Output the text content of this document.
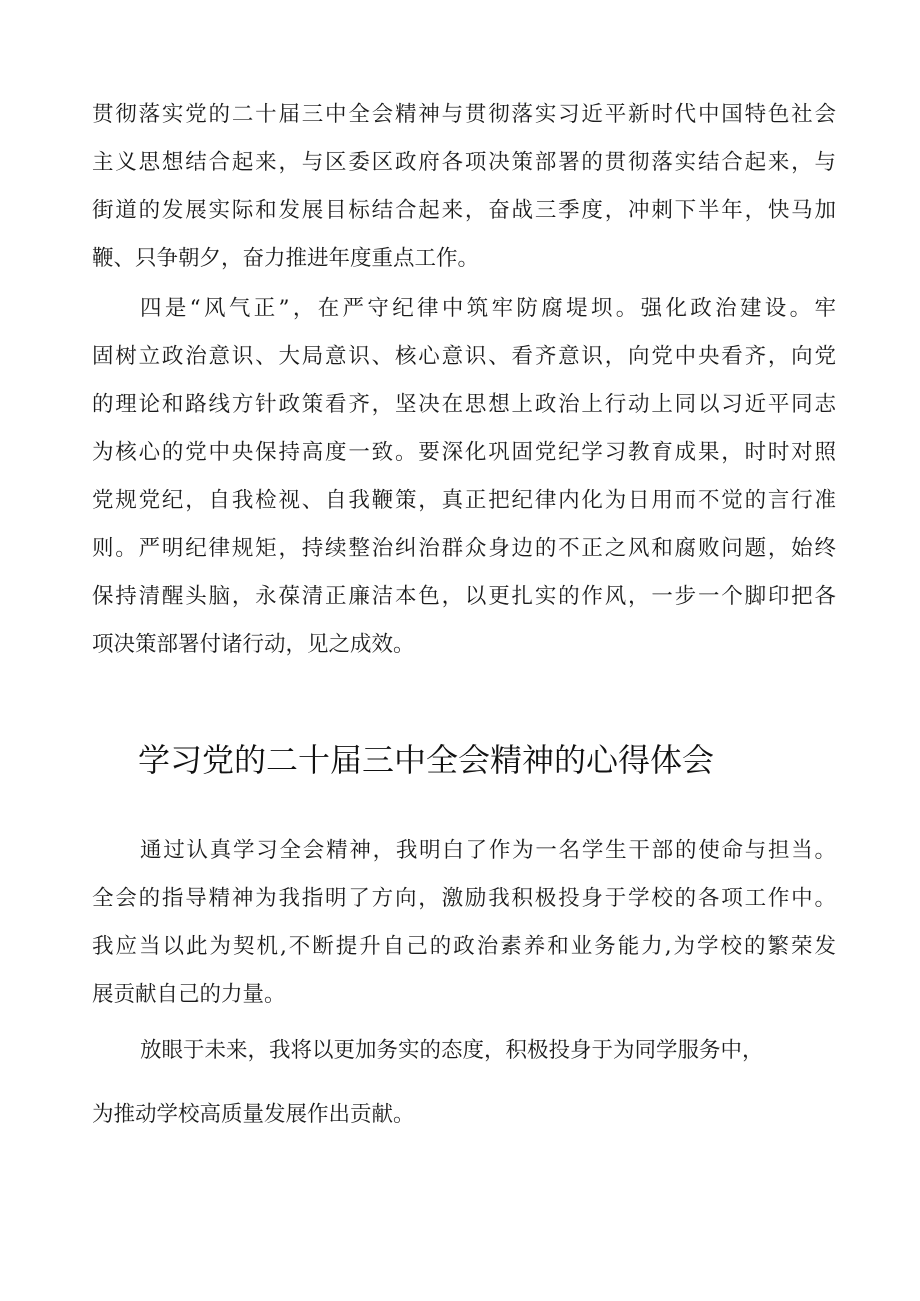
贯彻落实党的二十届三中全会精神与贯彻落实习近平新时代中国特色社会
主义思想结合起来，与区委区政府各项决策部署的贯彻落实结合起来，与
街道的发展实际和发展目标结合起来，奋战三季度，冲刺下半年，快马加
鞭、只争朝夕，奋力推进年度重点工作。
四是“风气正”，在严守纪律中筑牢防腐堤坝。强化政治建设。牢
固树立政治意识、大局意识、核心意识、看齐意识，向党中央看齐，向党
的理论和路线方针政策看齐，坚决在思想上政治上行动上同以习近平同志
为核心的党中央保持高度一致。要深化巩固党纪学习教育成果，时时对照
党规党纪，自我检视、自我鞭策，真正把纪律内化为日用而不觉的言行准
则。严明纪律规矩，持续整治纠治群众身边的不正之风和腐败问题，始终
保持清醒头脑，永葆清正廉洁本色，以更扎实的作风，一步一个脚印把各
项决策部署付诸行动，见之成效。
学习党的二十届三中全会精神的心得体会
通过认真学习全会精神，我明白了作为一名学生干部的使命与担当。
全会的指导精神为我指明了方向，激励我积极投身于学校的各项工作中。
我应当以此为契机,不断提升自己的政治素养和业务能力,为学校的繁荣发
展贡献自己的力量。
放眼于未来，我将以更加务实的态度，积极投身于为同学服务中，
为推动学校高质量发展作出贡献。
